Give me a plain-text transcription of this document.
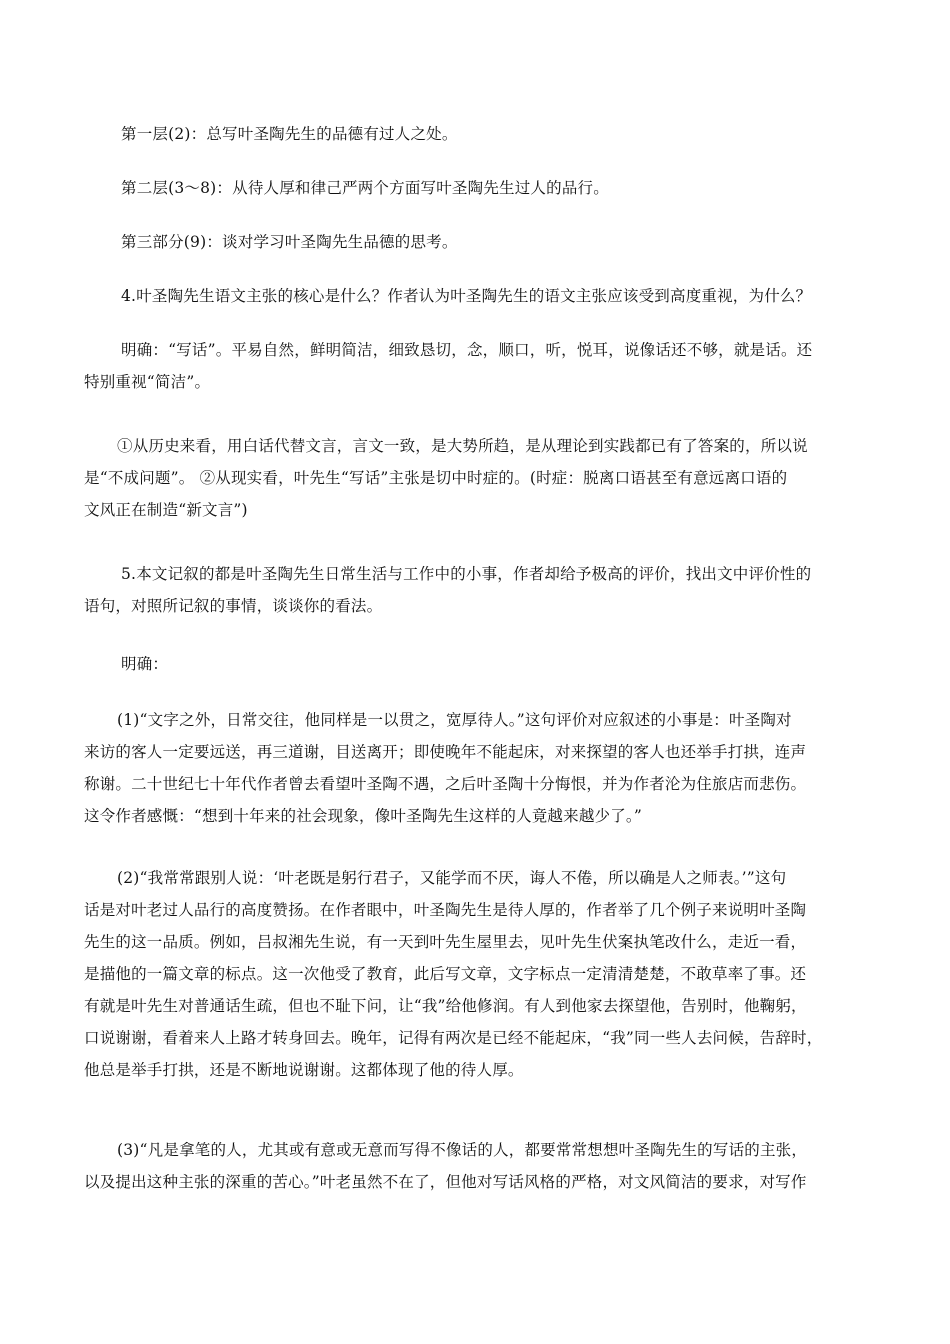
第一层(2)：总写叶圣陶先生的品德有过人之处。

第二层(3～8)：从待人厚和律己严两个方面写叶圣陶先生过人的品行。

第三部分(9)：谈对学习叶圣陶先生品德的思考。

4.叶圣陶先生语文主张的核心是什么？作者认为叶圣陶先生的语文主张应该受到高度重视，为什么？

明确：“写话”。平易自然，鲜明简洁，细致恳切，念，顺口，听，悦耳，说像话还不够，就是话。还
特别重视“简洁”。

①从历史来看，用白话代替文言，言文一致，是大势所趋，是从理论到实践都已有了答案的，所以说
是“不成问题”。 ②从现实看，叶先生“写话”主张是切中时症的。(时症：脱离口语甚至有意远离口语的
文风正在制造“新文言”)

5.本文记叙的都是叶圣陶先生日常生活与工作中的小事，作者却给予极高的评价，找出文中评价性的
语句，对照所记叙的事情，谈谈你的看法。

明确：

(1)“文字之外，日常交往，他同样是一以贯之，宽厚待人。”这句评价对应叙述的小事是：叶圣陶对
来访的客人一定要远送，再三道谢，目送离开；即使晚年不能起床，对来探望的客人也还举手打拱，连声
称谢。二十世纪七十年代作者曾去看望叶圣陶不遇，之后叶圣陶十分悔恨，并为作者沦为住旅店而悲伤。
这令作者感慨：“想到十年来的社会现象，像叶圣陶先生这样的人竟越来越少了。”

(2)“我常常跟别人说：‘叶老既是躬行君子，又能学而不厌，诲人不倦，所以确是人之师表。’”这句
话是对叶老过人品行的高度赞扬。在作者眼中，叶圣陶先生是待人厚的，作者举了几个例子来说明叶圣陶
先生的这一品质。例如，吕叔湘先生说，有一天到叶先生屋里去，见叶先生伏案执笔改什么，走近一看，
是描他的一篇文章的标点。这一次他受了教育，此后写文章，文字标点一定清清楚楚，不敢草率了事。还
有就是叶先生对普通话生疏，但也不耻下问，让“我”给他修润。有人到他家去探望他，告别时，他鞠躬，
口说谢谢，看着来人上路才转身回去。晚年，记得有两次是已经不能起床，“我”同一些人去问候，告辞时，
他总是举手打拱，还是不断地说谢谢。这都体现了他的待人厚。

(3)“凡是拿笔的人，尤其或有意或无意而写得不像话的人，都要常常想想叶圣陶先生的写话的主张，
以及提出这种主张的深重的苦心。”叶老虽然不在了，但他对写话风格的严格，对文风简洁的要求，对写作
